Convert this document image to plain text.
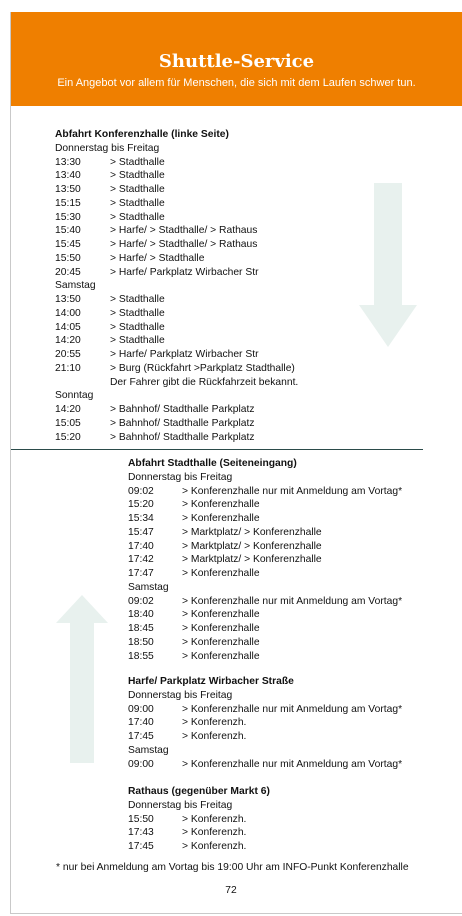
Shuttle-Service
Ein Angebot vor allem für Menschen, die sich mit dem Laufen schwer tun.
Abfahrt Konferenzhalle (linke Seite)
Donnerstag bis Freitag
13:30	> Stadthalle
13:40	> Stadthalle
13:50	> Stadthalle
15:15	> Stadthalle
15:30	> Stadthalle
15:40	> Harfe/ > Stadthalle/ > Rathaus
15:45	> Harfe/ > Stadthalle/ > Rathaus
15:50	> Harfe/ > Stadthalle
20:45	> Harfe/ Parkplatz Wirbacher Str
Samstag
13:50	> Stadthalle
14:00	> Stadthalle
14:05	> Stadthalle
14:20	> Stadthalle
20:55	> Harfe/ Parkplatz Wirbacher Str
21:10	> Burg (Rückfahrt >Parkplatz Stadthalle)
Der Fahrer gibt die Rückfahrzeit bekannt.
Sonntag
14:20	> Bahnhof/ Stadthalle Parkplatz
15:05	> Bahnhof/ Stadthalle Parkplatz
15:20	> Bahnhof/ Stadthalle Parkplatz
Abfahrt Stadthalle (Seiteneingang)
Donnerstag bis Freitag
09:02	> Konferenzhalle nur mit Anmeldung am Vortag*
15:20	> Konferenzhalle
15:34	> Konferenzhalle
15:47	> Marktplatz/ > Konferenzhalle
17:40	> Marktplatz/ > Konferenzhalle
17:42	> Marktplatz/ > Konferenzhalle
17:47	> Konferenzhalle
Samstag
09:02	> Konferenzhalle nur mit Anmeldung am Vortag*
18:40	> Konferenzhalle
18:45	> Konferenzhalle
18:50	> Konferenzhalle
18:55	> Konferenzhalle
Harfe/ Parkplatz Wirbacher Straße
Donnerstag bis Freitag
09:00	> Konferenzhalle nur mit Anmeldung am Vortag*
17:40	> Konferenzh.
17:45	> Konferenzh.
Samstag
09:00	> Konferenzhalle nur mit Anmeldung am Vortag*
Rathaus (gegenüber Markt 6)
Donnerstag bis Freitag
15:50	> Konferenzh.
17:43	> Konferenzh.
17:45	> Konferenzh.
* nur bei Anmeldung am Vortag bis 19:00 Uhr am INFO-Punkt Konferenzhalle
72
